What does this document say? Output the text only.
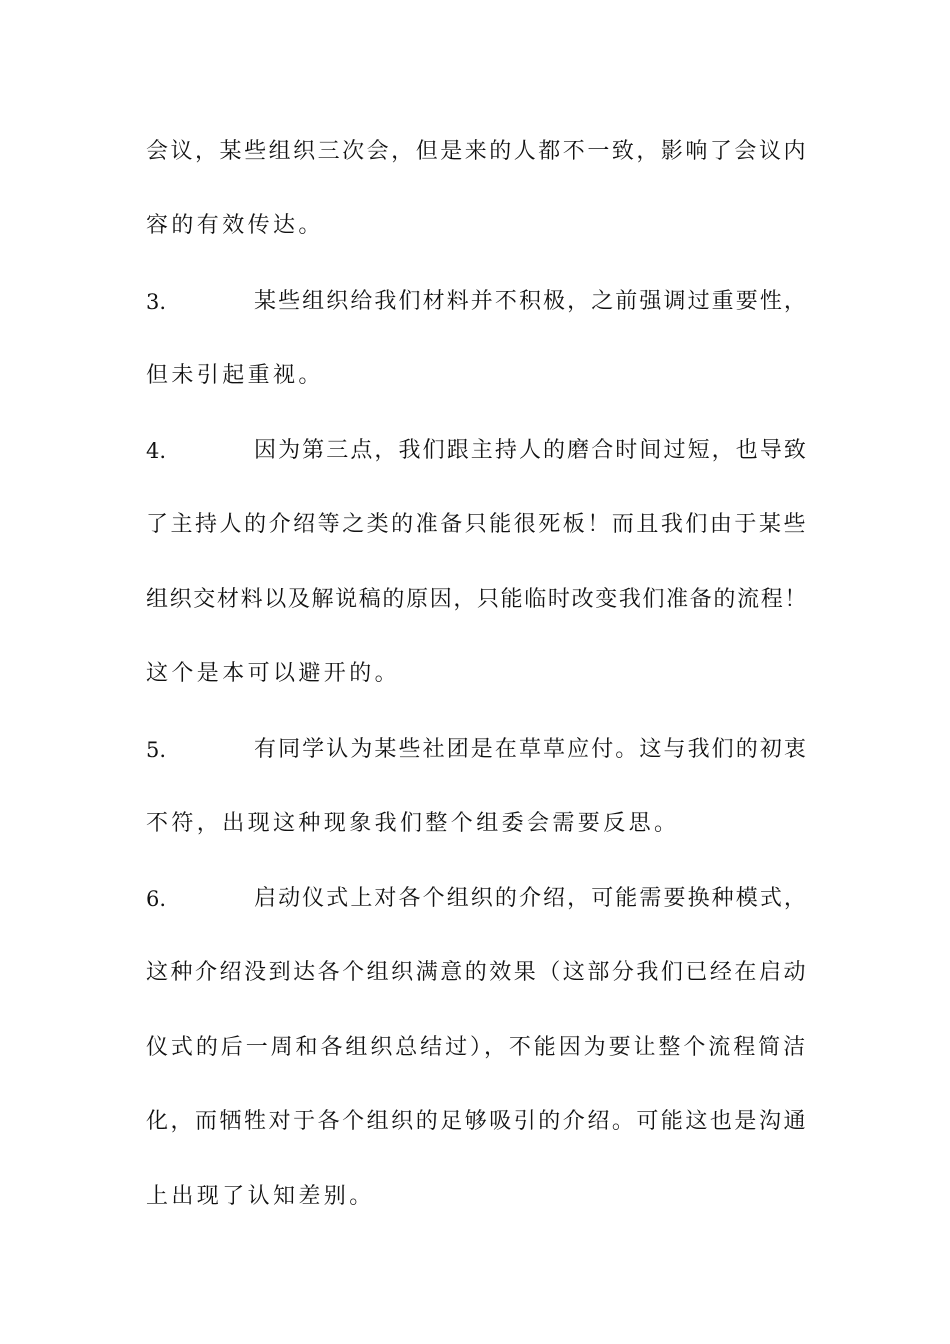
会议，某些组织三次会，但是来的人都不一致，影响了会议内
容的有效传达。
3.	某些组织给我们材料并不积极，之前强调过重要性，
但未引起重视。
4.	因为第三点，我们跟主持人的磨合时间过短，也导致
了主持人的介绍等之类的准备只能很死板！而且我们由于某些
组织交材料以及解说稿的原因，只能临时改变我们准备的流程！
这个是本可以避开的。
5.	有同学认为某些社团是在草草应付。这与我们的初衷
不符，出现这种现象我们整个组委会需要反思。
6.	启动仪式上对各个组织的介绍，可能需要换种模式，
这种介绍没到达各个组织满意的效果（这部分我们已经在启动
仪式的后一周和各组织总结过），不能因为要让整个流程简洁
化，而牺牲对于各个组织的足够吸引的介绍。可能这也是沟通
上出现了认知差别。
